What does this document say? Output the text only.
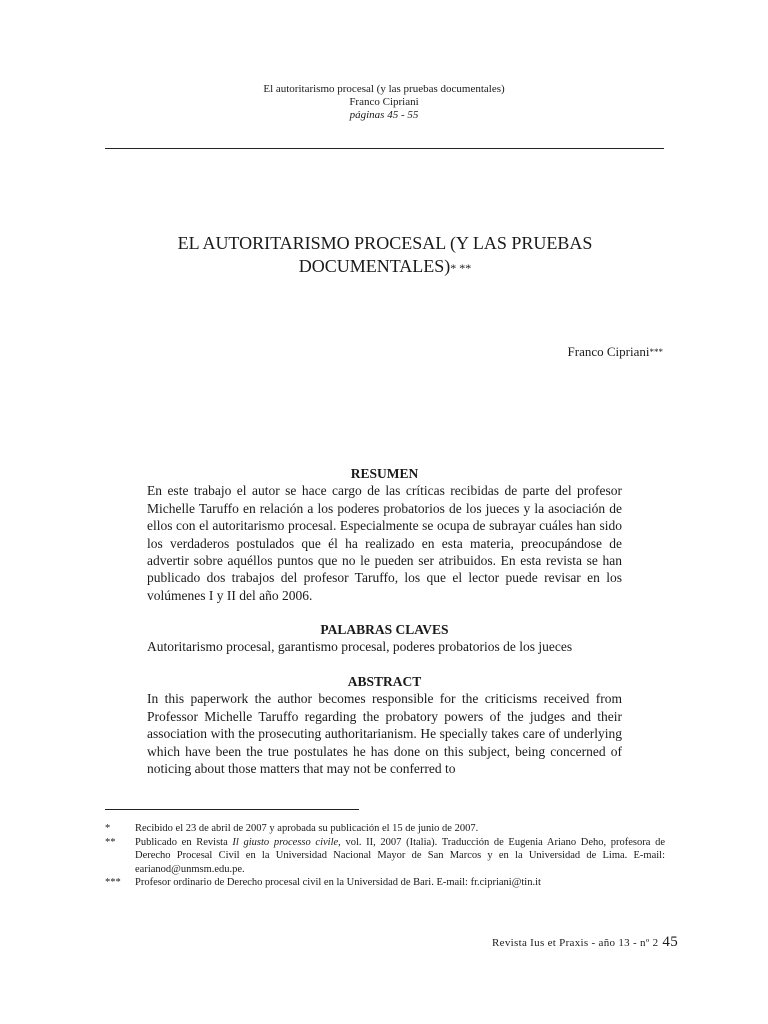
El autoritarismo procesal (y las pruebas documentales)
Franco Cipriani
páginas 45 - 55
EL AUTORITARISMO PROCESAL (Y LAS PRUEBAS
DOCUMENTALES)* **
Franco Cipriani***
RESUMEN
En este trabajo el autor se hace cargo de las críticas recibidas de parte del profesor Michelle Taruffo en relación a los poderes probatorios de los jueces y la asociación de ellos con el autoritarismo procesal. Especialmente se ocupa de subrayar cuáles han sido los verdaderos postulados que él ha realizado en esta materia, preocupándose de advertir sobre aquéllos puntos que no le pueden ser atribuidos. En esta revista se han publicado dos trabajos del profesor Taruffo, los que el lector puede revisar en los volúmenes I y II del año 2006.
PALABRAS CLAVES
Autoritarismo procesal, garantismo procesal, poderes probatorios de los jueces
ABSTRACT
In this paperwork the author becomes responsible for the criticisms received from Professor Michelle Taruffo regarding the probatory powers of the judges and their association with the prosecuting authoritarianism. He specially takes care of underlying which have been the true postulates he has done on this subject, being concerned of noticing about those matters that may not be conferred to
*	Recibido el 23 de abril de 2007 y aprobada su publicación el 15 de junio de 2007.
**	Publicado en Revista Il giusto processo civile, vol. II, 2007 (Italia). Traducción de Eugenia Ariano Deho, profesora de Derecho Procesal Civil en la Universidad Nacional Mayor de San Marcos y en la Universidad de Lima. E-mail: earianod@unmsm.edu.pe.
***	Profesor ordinario de Derecho procesal civil en la Universidad de Bari. E-mail: fr.cipriani@tin.it
Revista Ius et Praxis - año 13 - nº 2 45
